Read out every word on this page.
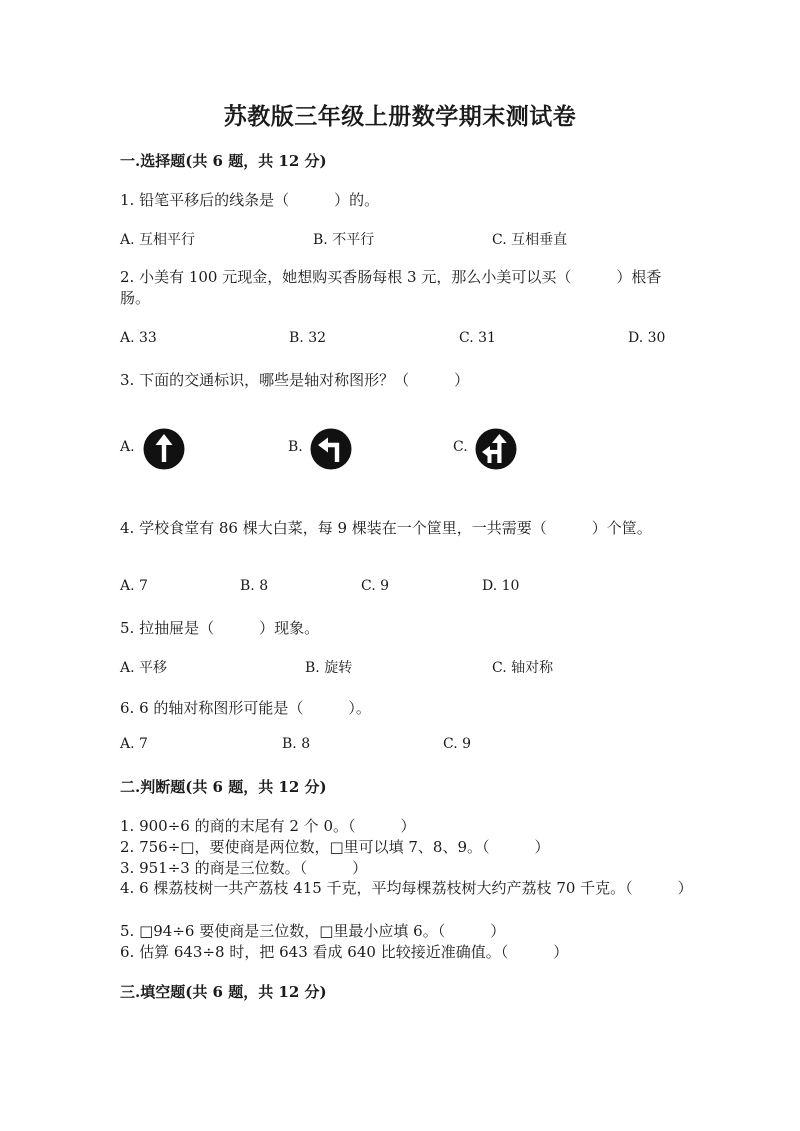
苏教版三年级上册数学期末测试卷
一.选择题(共 6 题，共 12 分)
1. 铅笔平移后的线条是（　　　）的。
A. 互相平行	B. 不平行	C. 互相垂直
2. 小美有 100 元现金，她想购买香肠每根 3 元，那么小美可以买（　　　）根香肠。
A. 33	B. 32	C. 31	D. 30
3. 下面的交通标识，哪些是轴对称图形？（　　　）
A.	B.	C.
4. 学校食堂有 86 棵大白菜，每 9 棵装在一个筐里，一共需要（　　　）个筐。
A. 7	B. 8	C. 9	D. 10
5. 拉抽屉是（　　　）现象。
A. 平移	B. 旋转	C. 轴对称
6. 6 的轴对称图形可能是（　　　）。
A. 7	B. 8	C. 9
二.判断题(共 6 题，共 12 分)
1. 900÷6 的商的末尾有 2 个 0。（　　　）
2. 756÷□，要使商是两位数，□里可以填 7、8、9。（　　　）
3. 951÷3 的商是三位数。（　　　）
4. 6 棵荔枝树一共产荔枝 415 千克，平均每棵荔枝树大约产荔枝 70 千克。（　　　）
5. □94÷6 要使商是三位数，□里最小应填 6。（　　　）
6. 估算 643÷8 时，把 643 看成 640 比较接近准确值。（　　　）
三.填空题(共 6 题，共 12 分)
